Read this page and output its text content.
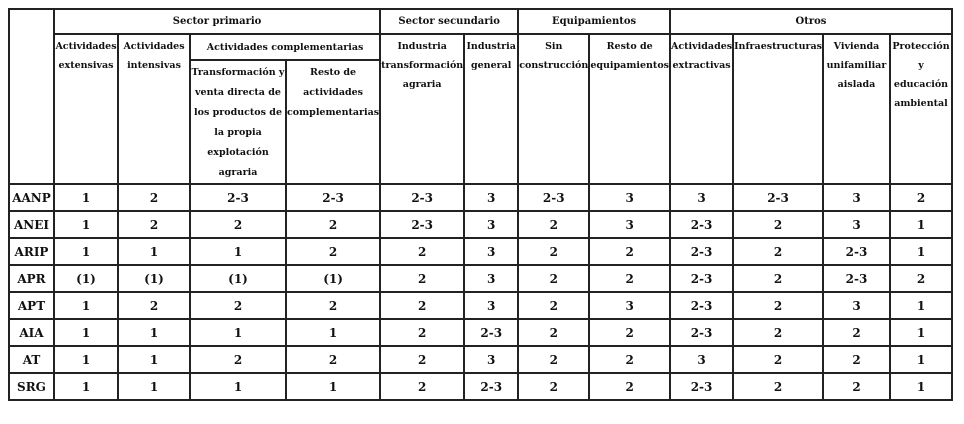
	Sector primario				Sector secundario		Equipamientos		Otros			
	Actividades extensivas	Actividades intensivas	Actividades complementarias		Industria transformación agraria	Industria general	Sin construcción	Resto de equipamientos	Actividades extractivas	Infraestructuras	Vivienda unifamiliar aislada	Protección y educación ambiental
			Transformación y venta directa de los productos de la propia explotación agraria	Resto de actividades complementarias								
AANP	1	2	2-3	2-3	2-3	3	2-3	3	3	2-3	3	2
ANEI	1	2	2	2	2-3	3	2	3	2-3	2	3	1
ARIP	1	1	1	2	2	3	2	2	2-3	2	2-3	1
APR	(1)	(1)	(1)	(1)	2	3	2	2	2-3	2	2-3	2
APT	1	2	2	2	2	3	2	3	2-3	2	3	1
AIA	1	1	1	1	2	2-3	2	2	2-3	2	2	1
AT	1	1	2	2	2	3	2	2	3	2	2	1
SRG	1	1	1	1	2	2-3	2	2	2-3	2	2	1
